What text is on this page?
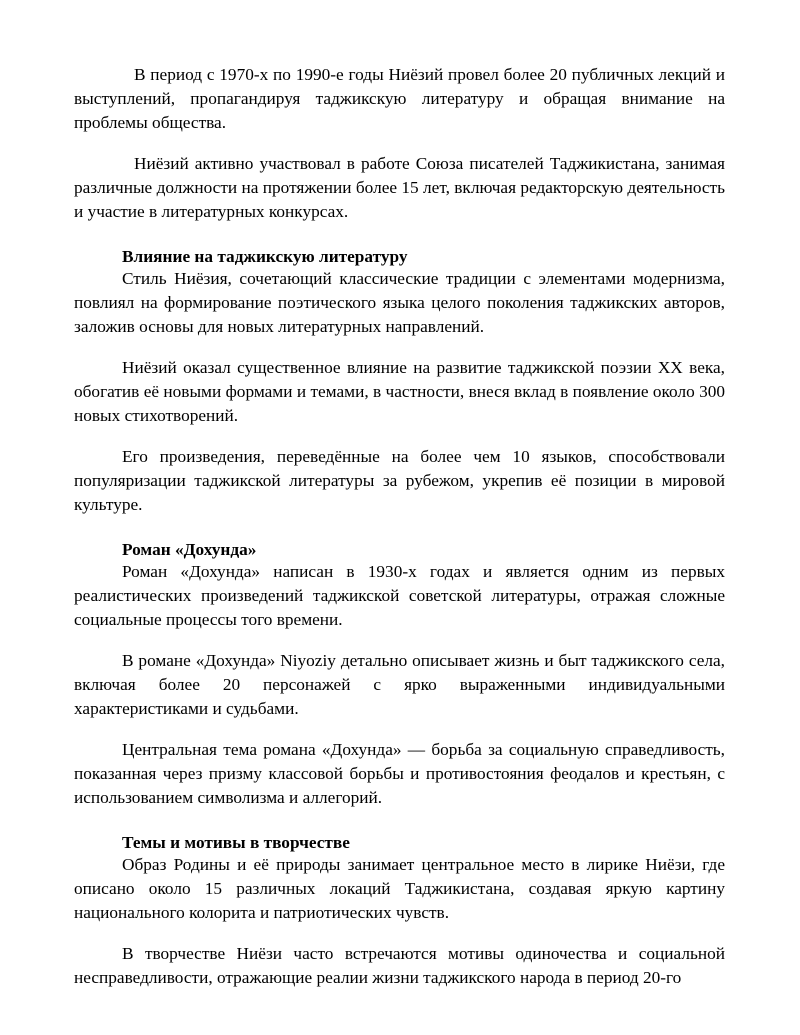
В период с 1970-х по 1990-е годы Ниёзий провел более 20 публичных лекций и выступлений, пропагандируя таджикскую литературу и обращая внимание на проблемы общества.

Ниёзий активно участвовал в работе Союза писателей Таджикистана, занимая различные должности на протяжении более 15 лет, включая редакторскую деятельность и участие в литературных конкурсах.

Влияние на таджикскую литературу

Стиль Ниёзия, сочетающий классические традиции с элементами модернизма, повлиял на формирование поэтического языка целого поколения таджикских авторов, заложив основы для новых литературных направлений.

Ниёзий оказал существенное влияние на развитие таджикской поэзии XX века, обогатив её новыми формами и темами, в частности, внеся вклад в появление около 300 новых стихотворений.

Его произведения, переведённые на более чем 10 языков, способствовали популяризации таджикской литературы за рубежом, укрепив её позиции в мировой культуре.

Роман «Дохунда»

Роман «Дохунда» написан в 1930-х годах и является одним из первых реалистических произведений таджикской советской литературы, отражая сложные социальные процессы того времени.

В романе «Дохунда» Niyoziy детально описывает жизнь и быт таджикского села, включая более 20 персонажей с ярко выраженными индивидуальными характеристиками и судьбами.

Центральная тема романа «Дохунда» — борьба за социальную справедливость, показанная через призму классовой борьбы и противостояния феодалов и крестьян, с использованием символизма и аллегорий.

Темы и мотивы в творчестве

Образ Родины и её природы занимает центральное место в лирике Ниёзи, где описано около 15 различных локаций Таджикистана, создавая яркую картину национального колорита и патриотических чувств.

В творчестве Ниёзи часто встречаются мотивы одиночества и социальной несправедливости, отражающие реалии жизни таджикского народа в период 20-го
